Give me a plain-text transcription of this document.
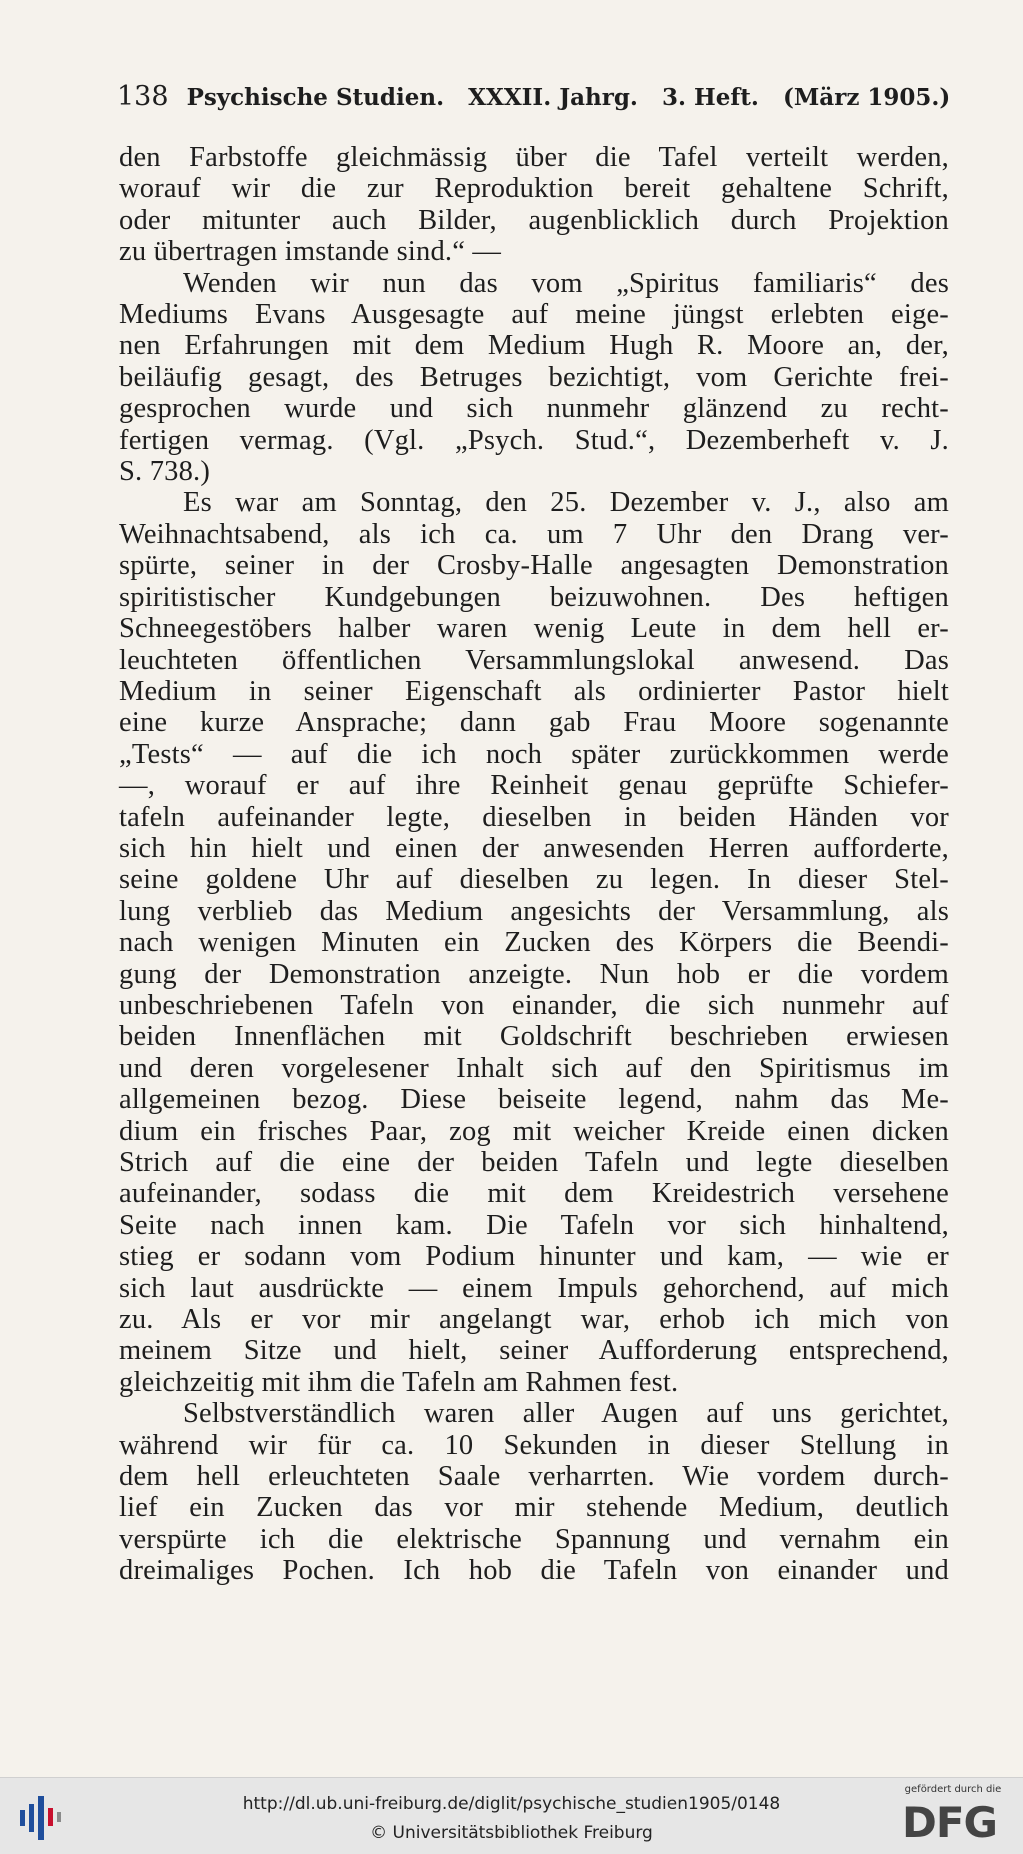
138 Psychische Studien. XXXII. Jahrg. 3. Heft. (März 1905.)

den Farbstoffe gleichmässig über die Tafel verteilt werden,

worauf wir die zur Reproduktion bereit gehaltene Schrift,

oder mitunter auch Bilder, augenblicklich durch Projektion

zu übertragen imstande sind.“ —

Wenden wir nun das vom „Spiritus familiaris“ des

Mediums Evans Ausgesagte auf meine jüngst erlebten eige-

nen Erfahrungen mit dem Medium Hugh R. Moore an, der,

beiläufig gesagt, des Betruges bezichtigt, vom Gerichte frei-

gesprochen wurde und sich nunmehr glänzend zu recht-

fertigen vermag. (Vgl. „Psych. Stud.“, Dezemberheft v. J.

S. 738.)

Es war am Sonntag, den 25. Dezember v. J., also am

Weihnachtsabend, als ich ca. um 7 Uhr den Drang ver-

spürte, seiner in der Crosby-Halle angesagten Demonstration

spiritistischer Kundgebungen beizuwohnen. Des heftigen

Schneegestöbers halber waren wenig Leute in dem hell er-

leuchteten öffentlichen Versammlungslokal anwesend. Das

Medium in seiner Eigenschaft als ordinierter Pastor hielt

eine kurze Ansprache; dann gab Frau Moore sogenannte

„Tests“ — auf die ich noch später zurückkommen werde

—, worauf er auf ihre Reinheit genau geprüfte Schiefer-

tafeln aufeinander legte, dieselben in beiden Händen vor

sich hin hielt und einen der anwesenden Herren aufforderte,

seine goldene Uhr auf dieselben zu legen. In dieser Stel-

lung verblieb das Medium angesichts der Versammlung, als

nach wenigen Minuten ein Zucken des Körpers die Beendi-

gung der Demonstration anzeigte. Nun hob er die vordem

unbeschriebenen Tafeln von einander, die sich nunmehr auf

beiden Innenflächen mit Goldschrift beschrieben erwiesen

und deren vorgelesener Inhalt sich auf den Spiritismus im

allgemeinen bezog. Diese beiseite legend, nahm das Me-

dium ein frisches Paar, zog mit weicher Kreide einen dicken

Strich auf die eine der beiden Tafeln und legte dieselben

aufeinander, sodass die mit dem Kreidestrich versehene

Seite nach innen kam. Die Tafeln vor sich hinhaltend,

stieg er sodann vom Podium hinunter und kam, — wie er

sich laut ausdrückte — einem Impuls gehorchend, auf mich

zu. Als er vor mir angelangt war, erhob ich mich von

meinem Sitze und hielt, seiner Aufforderung entsprechend,

gleichzeitig mit ihm die Tafeln am Rahmen fest.

Selbstverständlich waren aller Augen auf uns gerichtet,

während wir für ca. 10 Sekunden in dieser Stellung in

dem hell erleuchteten Saale verharrten. Wie vordem durch-

lief ein Zucken das vor mir stehende Medium, deutlich

verspürte ich die elektrische Spannung und vernahm ein

dreimaliges Pochen. Ich hob die Tafeln von einander und

http://dl.ub.uni-freiburg.de/diglit/psychische_studien1905/0148
© Universitätsbibliothek Freiburg
gefördert durch die
DFG
